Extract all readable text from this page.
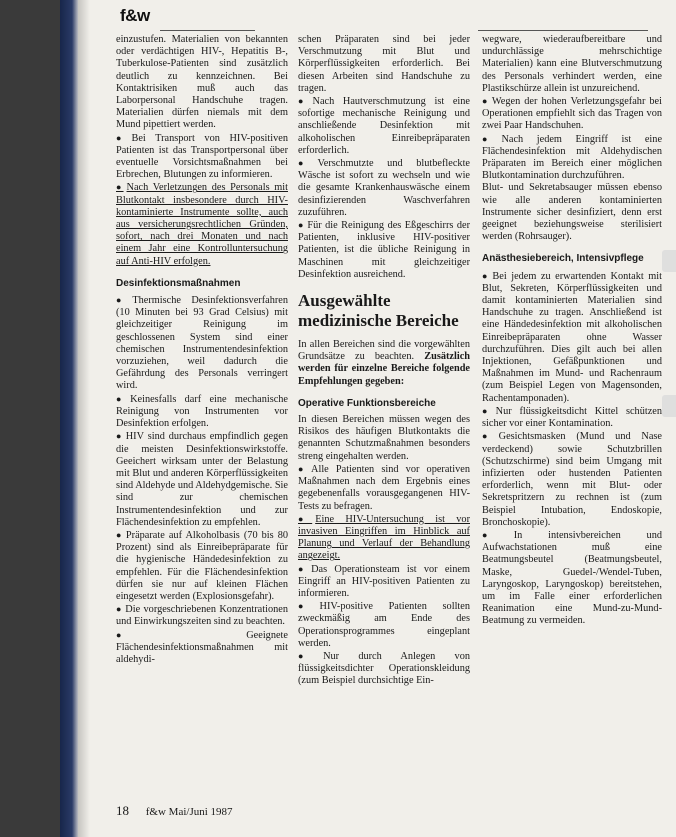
f&w

einzustufen. Materialien von bekannten oder verdächtigen HIV-, Hepatitis B-, Tuberkulose-Patienten sind zusätzlich deutlich zu kennzeichnen. Bei Kontaktrisiken muß auch das Laborpersonal Handschuhe tragen. Materialien dürfen niemals mit dem Mund pipettiert werden.

● Bei Transport von HIV-positiven Patienten ist das Transportpersonal über eventuelle Vorsichtsmaßnahmen bei Erbrechen, Blutungen zu informieren.

● Nach Verletzungen des Personals mit Blutkontakt insbesondere durch HIV-kontaminierte Instrumente sollte, auch aus versicherungsrechtlichen Gründen, sofort, nach drei Monaten und nach einem Jahr eine Kontrolluntersuchung auf Anti-HIV erfolgen.

Desinfektionsmaßnahmen

● Thermische Desinfektionsverfahren (10 Minuten bei 93 Grad Celsius) mit gleichzeitiger Reinigung im geschlossenen System sind einer chemischen Instrumentendesinfektion vorzuziehen, weil dadurch die Gefährdung des Personals verringert wird.

● Keinesfalls darf eine mechanische Reinigung von Instrumenten vor Desinfektion erfolgen.

● HIV sind durchaus empfindlich gegen die meisten Desinfektionswirkstoffe. Geeichert wirksam unter der Belastung mit Blut und anderen Körperflüssigkeiten sind Aldehyde und Aldehydgemische. Sie sind zur chemischen Instrumentendesinfektion und zur Flächendesinfektion zu empfehlen.

● Präparate auf Alkoholbasis (70 bis 80 Prozent) sind als Einreibepräparate für die hygienische Händedesinfektion zu empfehlen. Für die Flächendesinfektion dürfen sie nur auf kleinen Flächen eingesetzt werden (Explosionsgefahr).

● Die vorgeschriebenen Konzentrationen und Einwirkungszeiten sind zu beachten.

● Geeignete Flächendesinfektionsmaßnahmen mit aldehydi-

schen Präparaten sind bei jeder Verschmutzung mit Blut und Körperflüssigkeiten erforderlich. Bei diesen Arbeiten sind Handschuhe zu tragen.

● Nach Hautverschmutzung ist eine sofortige mechanische Reinigung und anschließende Desinfektion mit alkoholischen Einreibepräparaten erforderlich.

● Verschmutzte und blutbefleckte Wäsche ist sofort zu wechseln und wie die gesamte Krankenhauswäsche einem desinfizierenden Waschverfahren zuzuführen.

● Für die Reinigung des Eßgeschirrs der Patienten, inklusive HIV-positiver Patienten, ist die übliche Reinigung in Maschinen mit gleichzeitiger Desinfektion ausreichend.

Ausgewählte medizinische Bereiche

In allen Bereichen sind die vorgewählten Grundsätze zu beachten. Zusätzlich werden für einzelne Bereiche folgende Empfehlungen gegeben:

Operative Funktionsbereiche

In diesen Bereichen müssen wegen des Risikos des häufigen Blutkontakts die genannten Schutzmaßnahmen besonders streng eingehalten werden.

● Alle Patienten sind vor operativen Maßnahmen nach dem Ergebnis eines gegebenenfalls vorausgegangenen HIV-Tests zu befragen.

● Eine HIV-Untersuchung ist vor invasiven Eingriffen im Hinblick auf Planung und Verlauf der Behandlung angezeigt.

● Das Operationsteam ist vor einem Eingriff an HIV-positiven Patienten zu informieren.

● HIV-positive Patienten sollten zweckmäßig am Ende des Operationsprogrammes eingeplant werden.

● Nur durch Anlegen von flüssigkeitsdichter Operationskleidung (zum Beispiel durchsichtige Ein-

wegware, wiederaufbereitbare und undurchlässige mehrschichtige Materialien) kann eine Blutverschmutzung des Personals verhindert werden, eine Plastikschürze allein ist unzureichend.

● Wegen der hohen Verletzungsgefahr bei Operationen empfiehlt sich das Tragen von zwei Paar Handschuhen.

● Nach jedem Eingriff ist eine Flächendesinfektion mit Aldehydischen Präparaten im Bereich einer möglichen Blutkontamination durchzuführen.

Blut- und Sekretabsauger müssen ebenso wie alle anderen kontaminierten Instrumente sicher desinfiziert, denn erst geeignet beziehungsweise sterilisiert werden (Rohrsauger).

Anästhesiebereich, Intensivpflege

● Bei jedem zu erwartenden Kontakt mit Blut, Sekreten, Körperflüssigkeiten und damit kontaminierten Materialien sind Handschuhe zu tragen. Anschließend ist eine Händedesinfektion mit alkoholischen Einreibepräparaten ohne Wasser durchzuführen. Dies gilt auch bei allen Injektionen, Gefäßpunktionen und Maßnahmen im Mund- und Rachenraum (zum Beispiel Legen von Magensonden, Rachentamponaden).

● Nur flüssigkeitsdicht Kittel schützen sicher vor einer Kontamination.

● Gesichtsmasken (Mund und Nase verdeckend) sowie Schutzbrillen (Schutzschirme) sind beim Umgang mit infizierten oder hustenden Patienten erforderlich, wenn mit Blut- oder Sekretspritzern zu rechnen ist (zum Beispiel Intubation, Endoskopie, Bronchoskopie).

● In intensivbereichen und Aufwachstationen muß eine Beatmungsbeutel (Beatmungsbeutel, Maske, Guedel-/Wendel-Tuben, Laryngoskop, Laryngoskop) bereitstehen, um im Falle einer erforderlichen Reanimation eine Mund-zu-Mund-Beatmung zu vermeiden.

18 f&w Mai/Juni 1987
